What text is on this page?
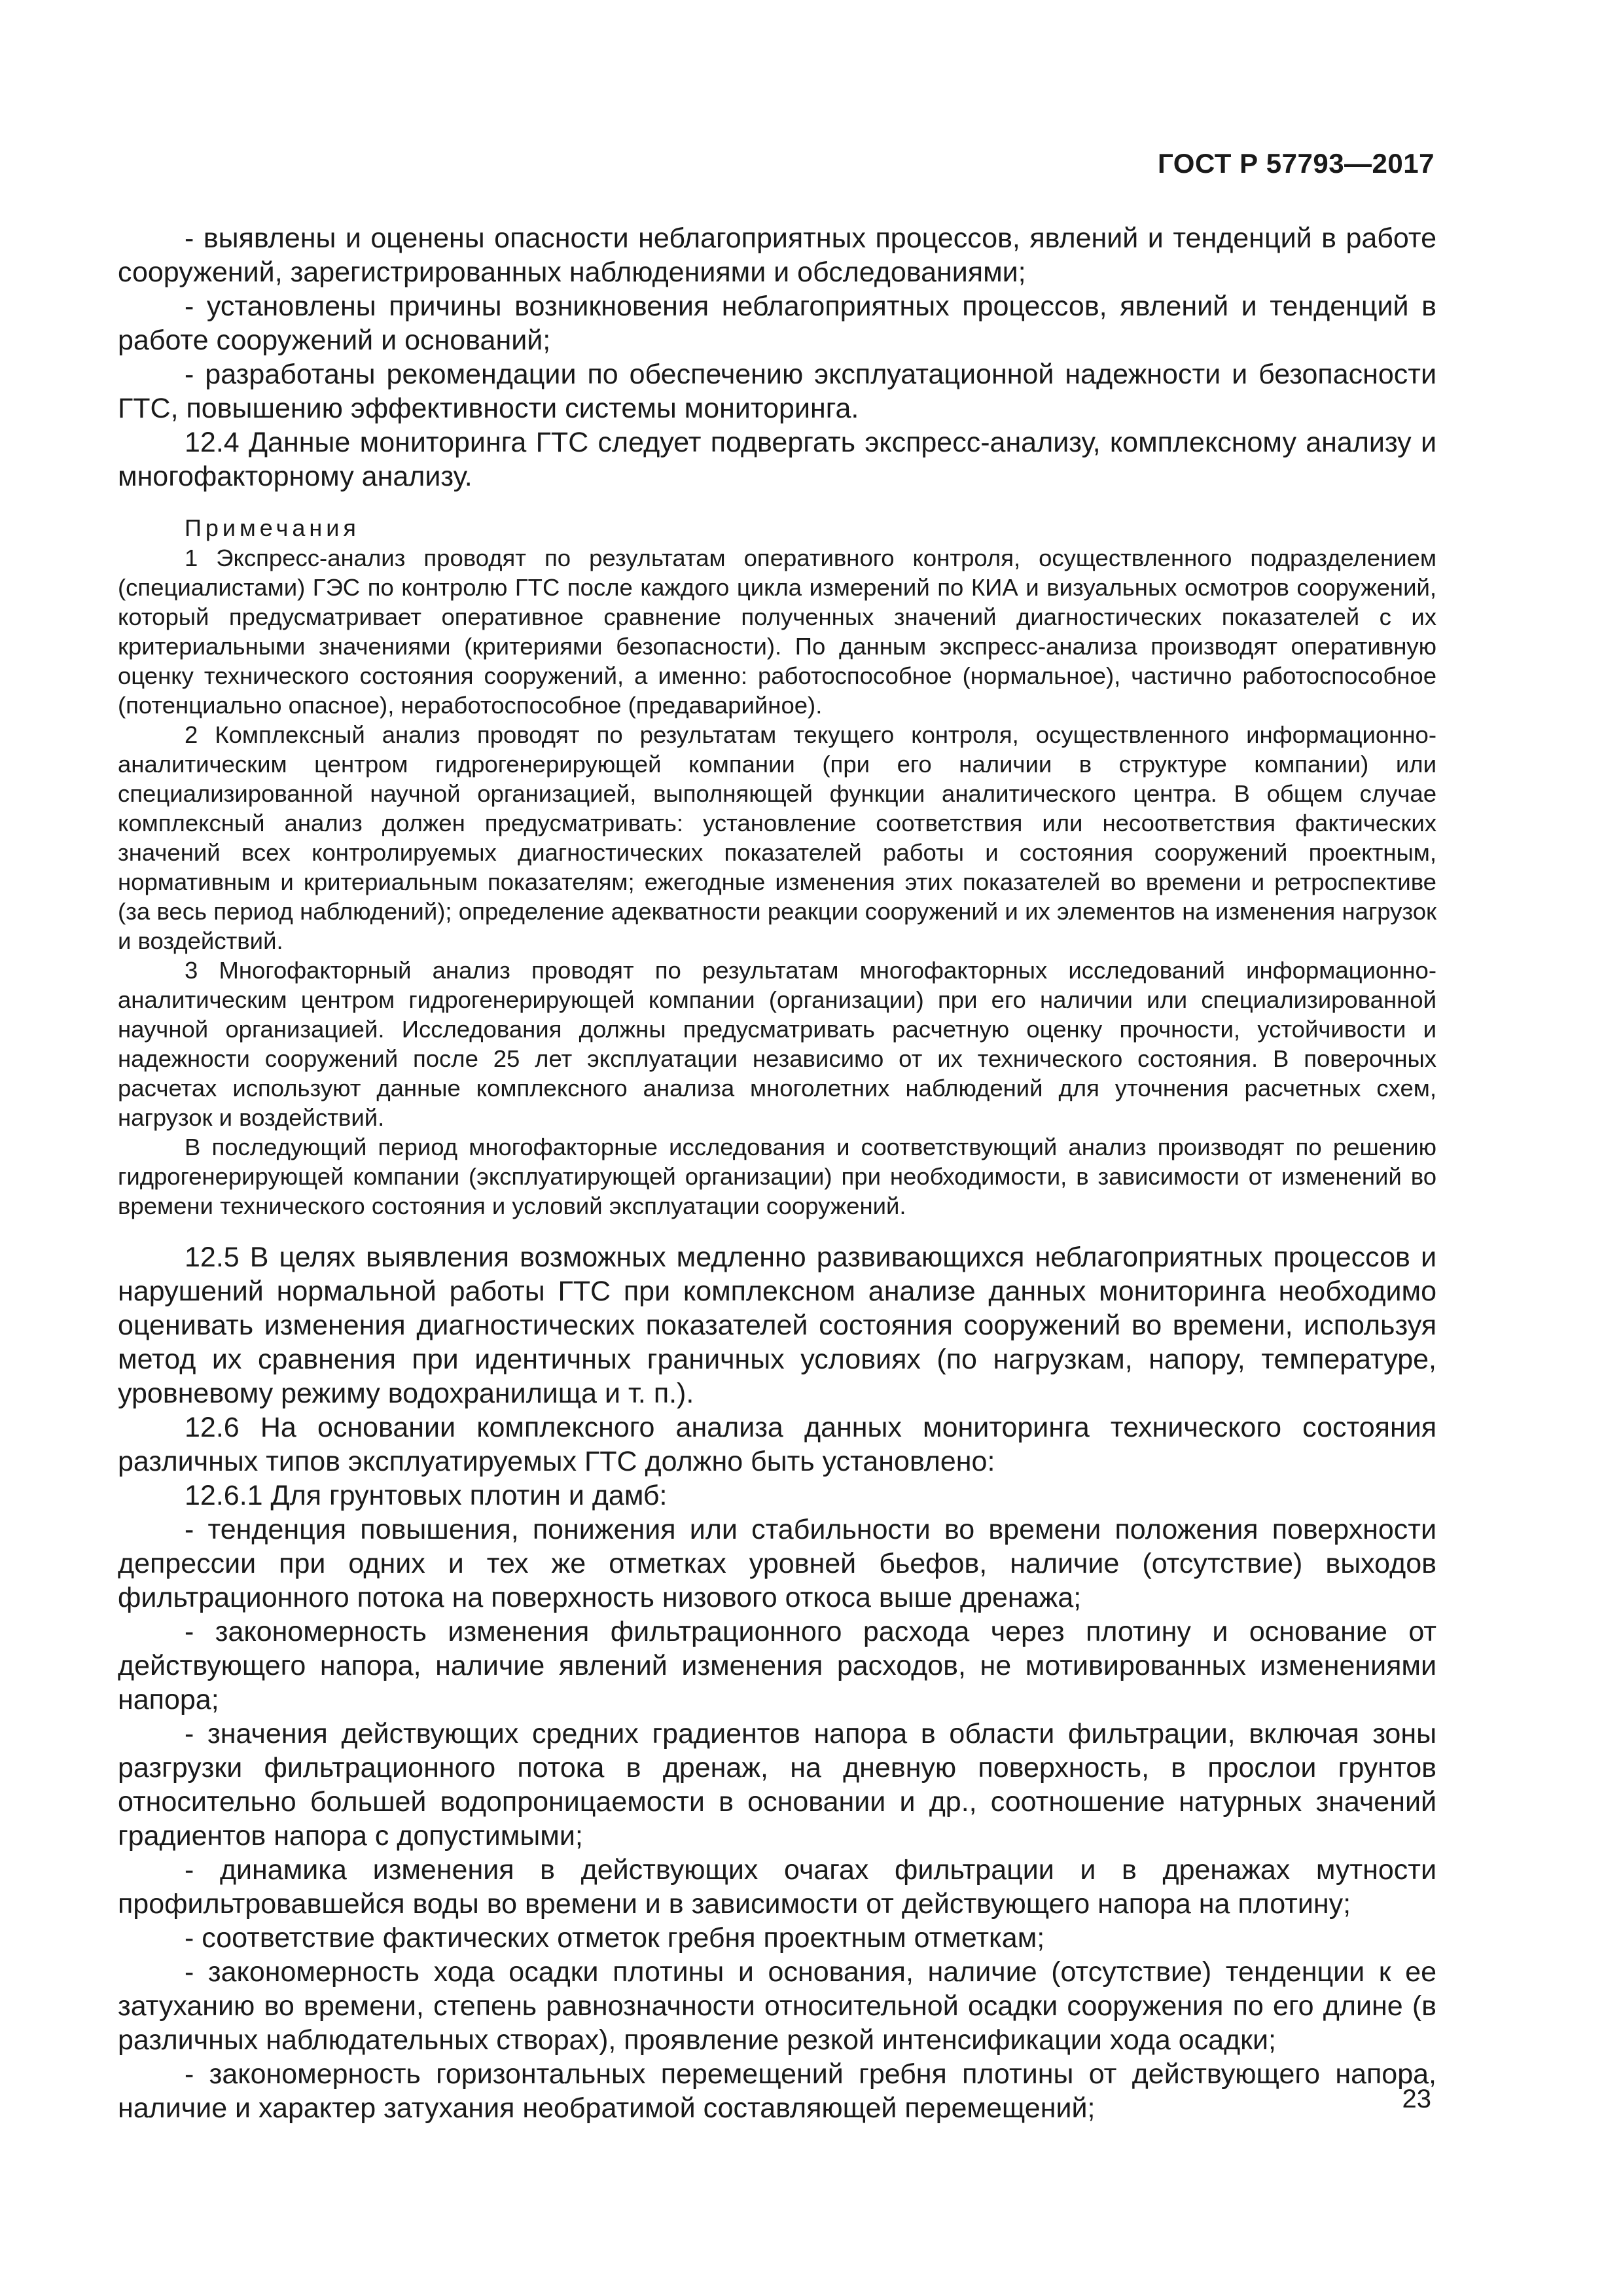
ГОСТ Р 57793—2017

- выявлены и оценены опасности неблагоприятных процессов, явлений и тенденций в работе сооружений, зарегистрированных наблюдениями и обследованиями;

- установлены причины возникновения неблагоприятных процессов, явлений и тенденций в работе сооружений и оснований;

- разработаны рекомендации по обеспечению эксплуатационной надежности и безопасности ГТС, повышению эффективности системы мониторинга.

12.4 Данные мониторинга ГТС следует подвергать экспресс-анализу, комплексному анализу и многофакторному анализу.

Примечания

1 Экспресс-анализ проводят по результатам оперативного контроля, осуществленного подразделением (специалистами) ГЭС по контролю ГТС после каждого цикла измерений по КИА и визуальных осмотров сооружений, который предусматривает оперативное сравнение полученных значений диагностических показателей с их критериальными значениями (критериями безопасности). По данным экспресс-анализа производят оперативную оценку технического состояния сооружений, а именно: работоспособное (нормальное), частично работоспособное (потенциально опасное), неработоспособное (предаварийное).

2 Комплексный анализ проводят по результатам текущего контроля, осуществленного информационно-аналитическим центром гидрогенерирующей компании (при его наличии в структуре компании) или специализированной научной организацией, выполняющей функции аналитического центра. В общем случае комплексный анализ должен предусматривать: установление соответствия или несоответствия фактических значений всех контролируемых диагностических показателей работы и состояния сооружений проектным, нормативным и критериальным показателям; ежегодные изменения этих показателей во времени и ретроспективе (за весь период наблюдений); определение адекватности реакции сооружений и их элементов на изменения нагрузок и воздействий.

3 Многофакторный анализ проводят по результатам многофакторных исследований информационно-аналитическим центром гидрогенерирующей компании (организации) при его наличии или специализированной научной организацией. Исследования должны предусматривать расчетную оценку прочности, устойчивости и надежности сооружений после 25 лет эксплуатации независимо от их технического состояния. В поверочных расчетах используют данные комплексного анализа многолетних наблюдений для уточнения расчетных схем, нагрузок и воздействий.

В последующий период многофакторные исследования и соответствующий анализ производят по решению гидрогенерирующей компании (эксплуатирующей организации) при необходимости, в зависимости от изменений во времени технического состояния и условий эксплуатации сооружений.

12.5 В целях выявления возможных медленно развивающихся неблагоприятных процессов и нарушений нормальной работы ГТС при комплексном анализе данных мониторинга необходимо оценивать изменения диагностических показателей состояния сооружений во времени, используя метод их сравнения при идентичных граничных условиях (по нагрузкам, напору, температуре, уровневому режиму водохранилища и т. п.).

12.6 На основании комплексного анализа данных мониторинга технического состояния различных типов эксплуатируемых ГТС должно быть установлено:

12.6.1 Для грунтовых плотин и дамб:

- тенденция повышения, понижения или стабильности во времени положения поверхности депрессии при одних и тех же отметках уровней бьефов, наличие (отсутствие) выходов фильтрационного потока на поверхность низового откоса выше дренажа;

- закономерность изменения фильтрационного расхода через плотину и основание от действующего напора, наличие явлений изменения расходов, не мотивированных изменениями напора;

- значения действующих средних градиентов напора в области фильтрации, включая зоны разгрузки фильтрационного потока в дренаж, на дневную поверхность, в прослои грунтов относительно большей водопроницаемости в основании и др., соотношение натурных значений градиентов напора с допустимыми;

- динамика изменения в действующих очагах фильтрации и в дренажах мутности профильтровавшейся воды во времени и в зависимости от действующего напора на плотину;

- соответствие фактических отметок гребня проектным отметкам;

- закономерность хода осадки плотины и основания, наличие (отсутствие) тенденции к ее затуханию во времени, степень равнозначности относительной осадки сооружения по его длине (в различных наблюдательных створах), проявление резкой интенсификации хода осадки;

- закономерность горизонтальных перемещений гребня плотины от действующего напора, наличие и характер затухания необратимой составляющей перемещений;	23
